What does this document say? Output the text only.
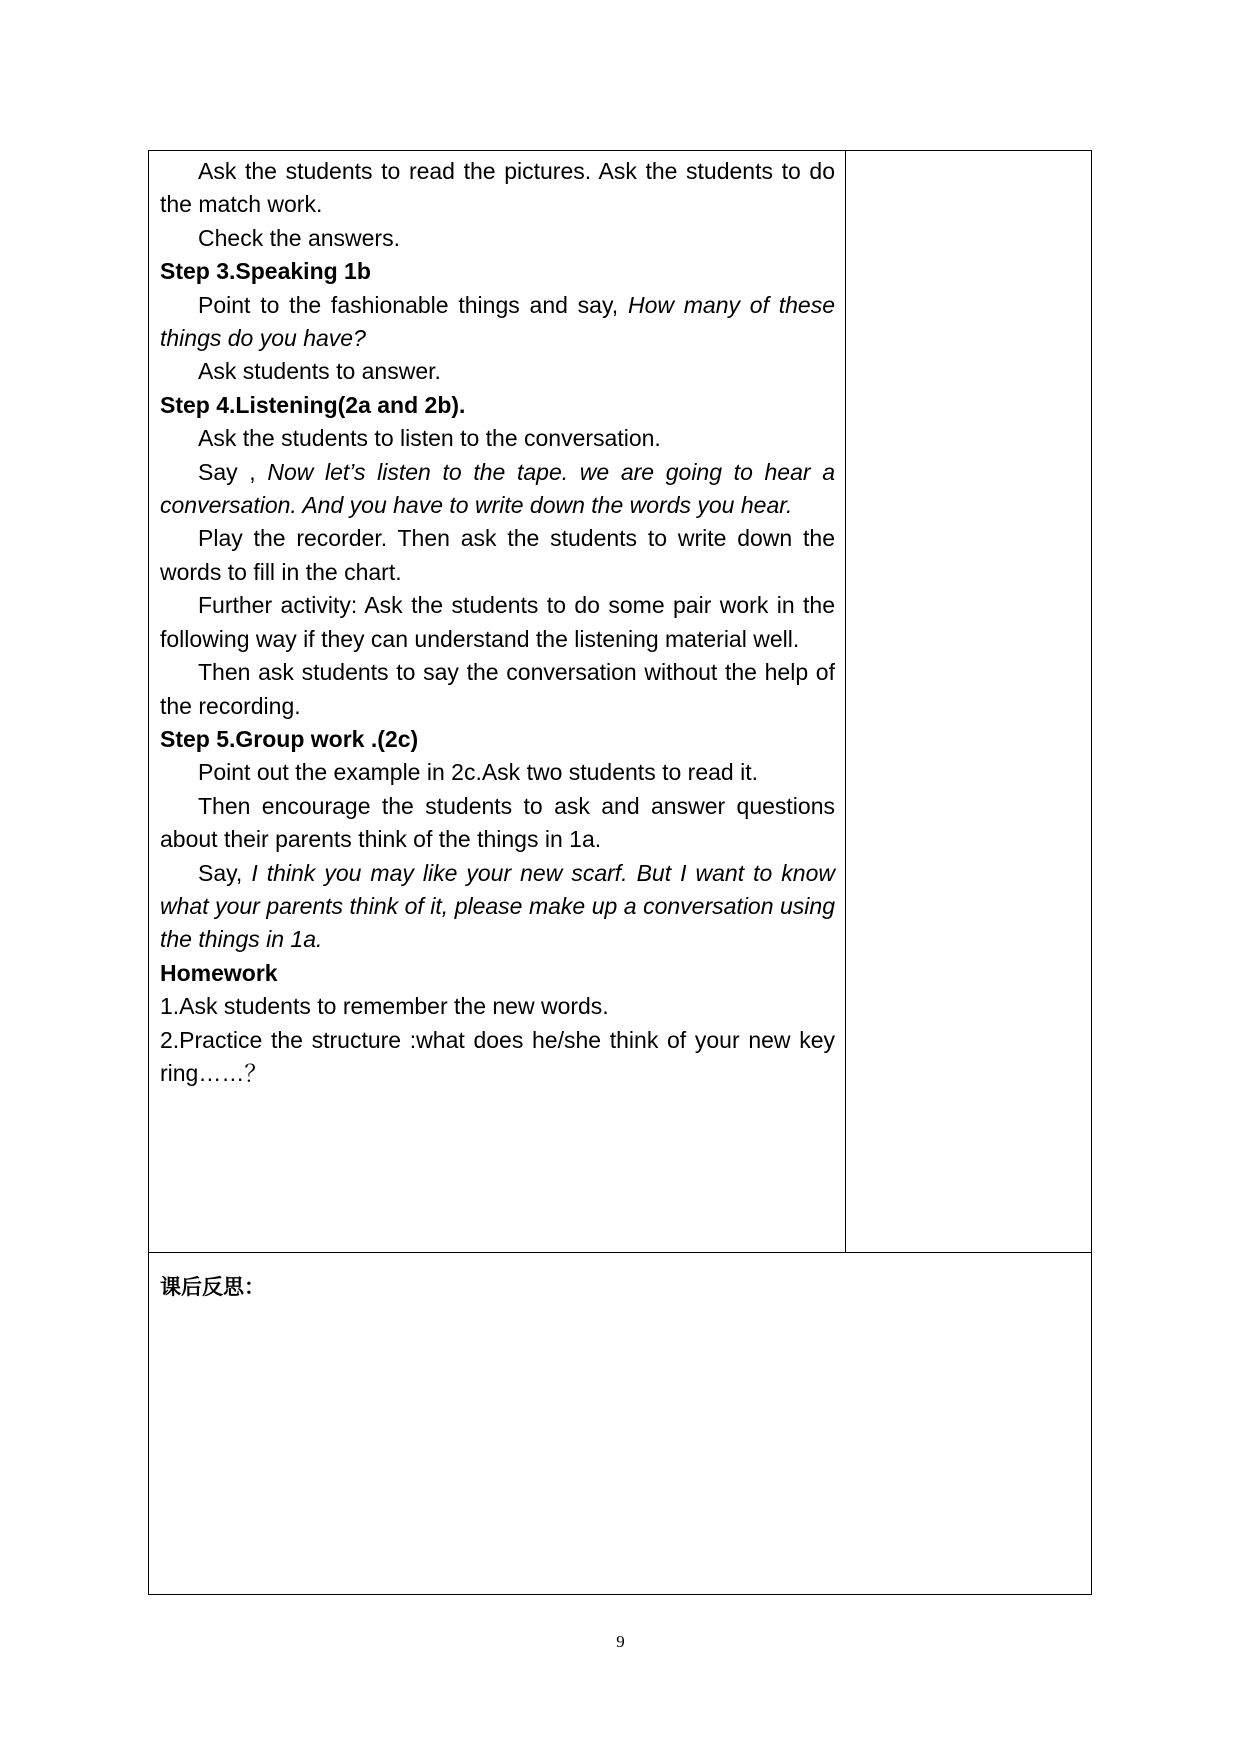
Ask the students to read the pictures. Ask the students to do the match work.

Check the answers.

Step 3.Speaking 1b

Point to the fashionable things and say, How many of these things do you have?

Ask students to answer.

Step 4.Listening(2a and 2b).

Ask the students to listen to the conversation.

Say , Now let’s listen to the tape. we are going to hear a conversation. And you have to write down the words you hear.

Play the recorder. Then ask the students to write down the words to fill in the chart.

Further activity: Ask the students to do some pair work in the following way if they can understand the listening material well.

Then ask students to say the conversation without the help of the recording.

Step 5.Group work .(2c)

Point out the example in 2c.Ask two students to read it.

Then encourage the students to ask and answer questions about their parents think of the things in 1a.

Say, I think you may like your new scarf. But I want to know what your parents think of it, please make up a conversation using the things in 1a.

Homework

1.Ask students to remember the new words.

2.Practice the structure :what does he/she think of your new key ring……？

课后反思：

9
